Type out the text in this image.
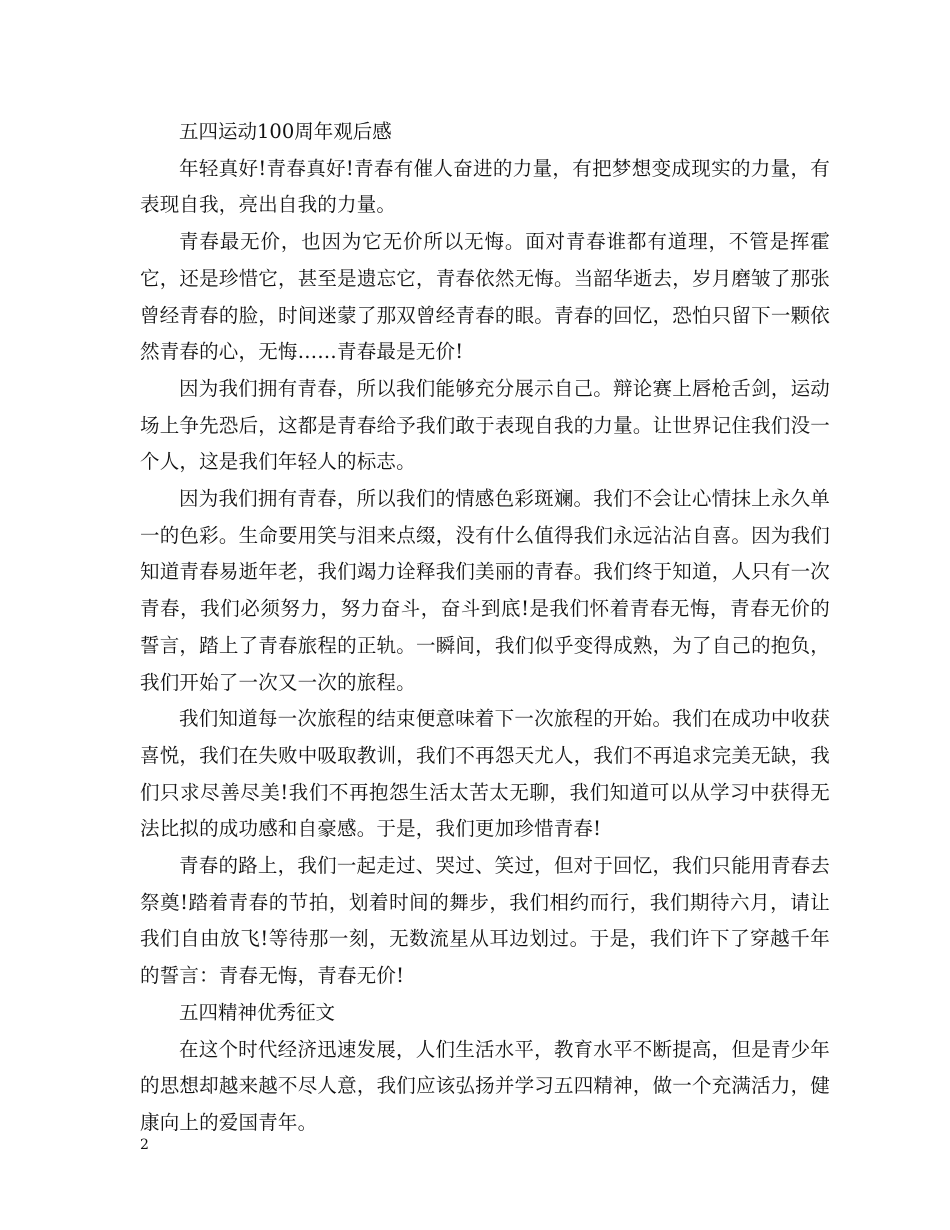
五四运动100周年观后感

年轻真好!青春真好!青春有催人奋进的力量，有把梦想变成现实的力量，有表现自我，亮出自我的力量。

青春最无价，也因为它无价所以无悔。面对青春谁都有道理，不管是挥霍它，还是珍惜它，甚至是遗忘它，青春依然无悔。当韶华逝去，岁月磨皱了那张曾经青春的脸，时间迷蒙了那双曾经青春的眼。青春的回忆，恐怕只留下一颗依然青春的心，无悔……青春最是无价!

因为我们拥有青春，所以我们能够充分展示自己。辩论赛上唇枪舌剑，运动场上争先恐后，这都是青春给予我们敢于表现自我的力量。让世界记住我们没一个人，这是我们年轻人的标志。

因为我们拥有青春，所以我们的情感色彩斑斓。我们不会让心情抹上永久单一的色彩。生命要用笑与泪来点缀，没有什么值得我们永远沾沾自喜。因为我们知道青春易逝年老，我们竭力诠释我们美丽的青春。我们终于知道，人只有一次青春，我们必须努力，努力奋斗，奋斗到底!是我们怀着青春无悔，青春无价的誓言，踏上了青春旅程的正轨。一瞬间，我们似乎变得成熟，为了自己的抱负，我们开始了一次又一次的旅程。

我们知道每一次旅程的结束便意味着下一次旅程的开始。我们在成功中收获喜悦，我们在失败中吸取教训，我们不再怨天尤人，我们不再追求完美无缺，我们只求尽善尽美!我们不再抱怨生活太苦太无聊，我们知道可以从学习中获得无法比拟的成功感和自豪感。于是，我们更加珍惜青春!

青春的路上，我们一起走过、哭过、笑过，但对于回忆，我们只能用青春去祭奠!踏着青春的节拍，划着时间的舞步，我们相约而行，我们期待六月，请让我们自由放飞!等待那一刻，无数流星从耳边划过。于是，我们许下了穿越千年的誓言：青春无悔，青春无价!

五四精神优秀征文

在这个时代经济迅速发展，人们生活水平，教育水平不断提高，但是青少年的思想却越来越不尽人意，我们应该弘扬并学习五四精神，做一个充满活力，健康向上的爱国青年。

2
